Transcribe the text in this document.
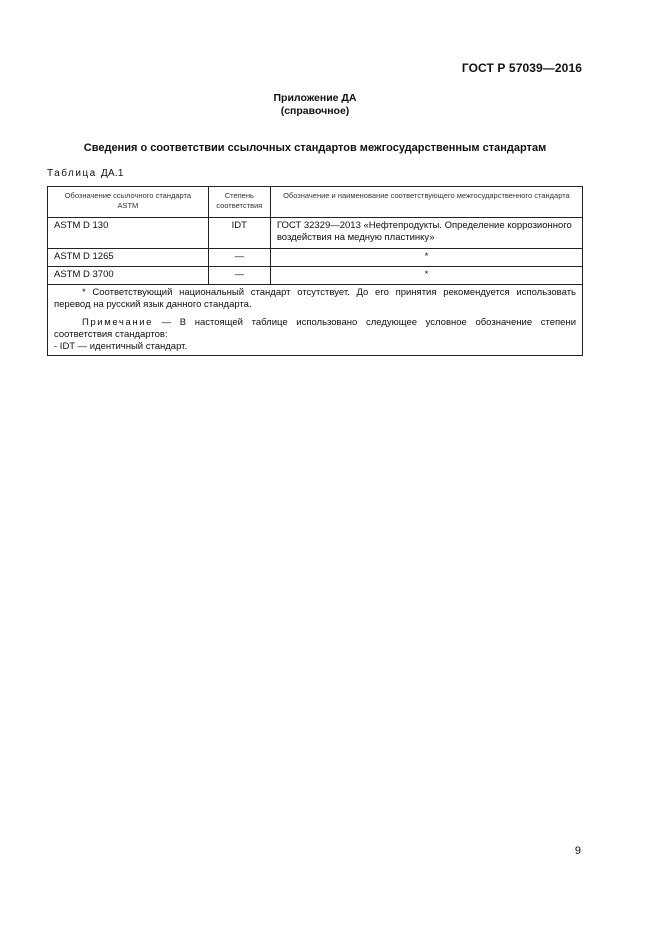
ГОСТ Р 57039—2016
Приложение ДА
(справочное)
Сведения о соответствии ссылочных стандартов межгосударственным стандартам
Таблица ДА.1
Обозначение ссылочного стандарта ASTM	Степень соответствия	Обозначение и наименование соответствующего межгосударственного стандарта
ASTM D 130	IDT	ГОСТ 32329—2013 «Нефтепродукты. Определение коррозионного воздействия на медную пластинку»
ASTM D 1265	—	*
ASTM D 3700	—	*

* Соответствующий национальный стандарт отсутствует. До его принятия рекомендуется использовать перевод на русский язык данного стандарта.

Примечание — В настоящей таблице использовано следующее условное обозначение степени соответствия стандартов:

- IDT — идентичный стандарт.		
9
